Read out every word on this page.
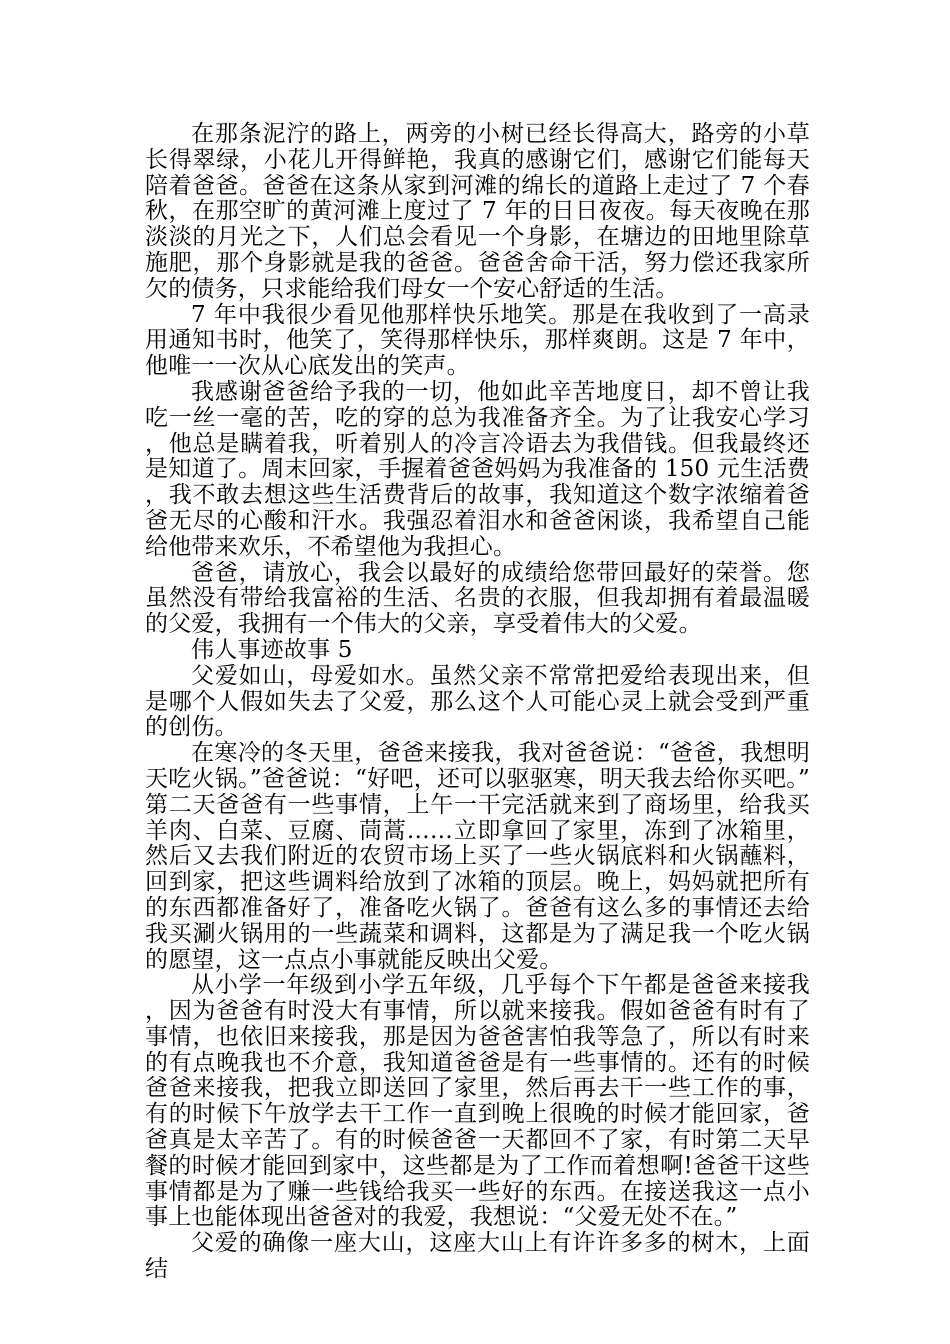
在那条泥泞的路上，两旁的小树已经长得高大，路旁的小草长得翠绿，小花儿开得鲜艳，我真的感谢它们，感谢它们能每天陪着爸爸。爸爸在这条从家到河滩的绵长的道路上走过了 7 个春秋，在那空旷的黄河滩上度过了 7 年的日日夜夜。每天夜晚在那淡淡的月光之下，人们总会看见一个身影，在塘边的田地里除草施肥，那个身影就是我的爸爸。爸爸舍命干活，努力偿还我家所欠的债务，只求能给我们母女一个安心舒适的生活。

7 年中我很少看见他那样快乐地笑。那是在我收到了一高录用通知书时，他笑了，笑得那样快乐，那样爽朗。这是 7 年中，他唯一一次从心底发出的笑声。

我感谢爸爸给予我的一切，他如此辛苦地度日，却不曾让我吃一丝一毫的苦，吃的穿的总为我准备齐全。为了让我安心学习，他总是瞒着我，听着别人的冷言冷语去为我借钱。但我最终还是知道了。周末回家，手握着爸爸妈妈为我准备的 150 元生活费，我不敢去想这些生活费背后的故事，我知道这个数字浓缩着爸爸无尽的心酸和汗水。我强忍着泪水和爸爸闲谈，我希望自己能给他带来欢乐，不希望他为我担心。

爸爸，请放心，我会以最好的成绩给您带回最好的荣誉。您虽然没有带给我富裕的生活、名贵的衣服，但我却拥有着最温暖的父爱，我拥有一个伟大的父亲，享受着伟大的父爱。

伟人事迹故事 5

父爱如山，母爱如水。虽然父亲不常常把爱给表现出来，但是哪个人假如失去了父爱，那么这个人可能心灵上就会受到严重的创伤。

在寒冷的冬天里，爸爸来接我，我对爸爸说：“爸爸，我想明天吃火锅。”爸爸说：“好吧，还可以驱驱寒，明天我去给你买吧。”第二天爸爸有一些事情，上午一干完活就来到了商场里，给我买羊肉、白菜、豆腐、茼蒿……立即拿回了家里，冻到了冰箱里，然后又去我们附近的农贸市场上买了一些火锅底料和火锅蘸料，回到家，把这些调料给放到了冰箱的顶层。晚上，妈妈就把所有的东西都准备好了，准备吃火锅了。爸爸有这么多的事情还去给我买涮火锅用的一些蔬菜和调料，这都是为了满足我一个吃火锅的愿望，这一点点小事就能反映出父爱。

从小学一年级到小学五年级，几乎每个下午都是爸爸来接我，因为爸爸有时没大有事情，所以就来接我。假如爸爸有时有了事情，也依旧来接我，那是因为爸爸害怕我等急了，所以有时来的有点晚我也不介意，我知道爸爸是有一些事情的。还有的时候爸爸来接我，把我立即送回了家里，然后再去干一些工作的事，有的时候下午放学去干工作一直到晚上很晚的时候才能回家，爸爸真是太辛苦了。有的时候爸爸一天都回不了家，有时第二天早餐的时候才能回到家中，这些都是为了工作而着想啊!爸爸干这些事情都是为了赚一些钱给我买一些好的东西。在接送我这一点小事上也能体现出爸爸对的我爱，我想说：“父爱无处不在。”

父爱的确像一座大山，这座大山上有许许多多的树木，上面结
